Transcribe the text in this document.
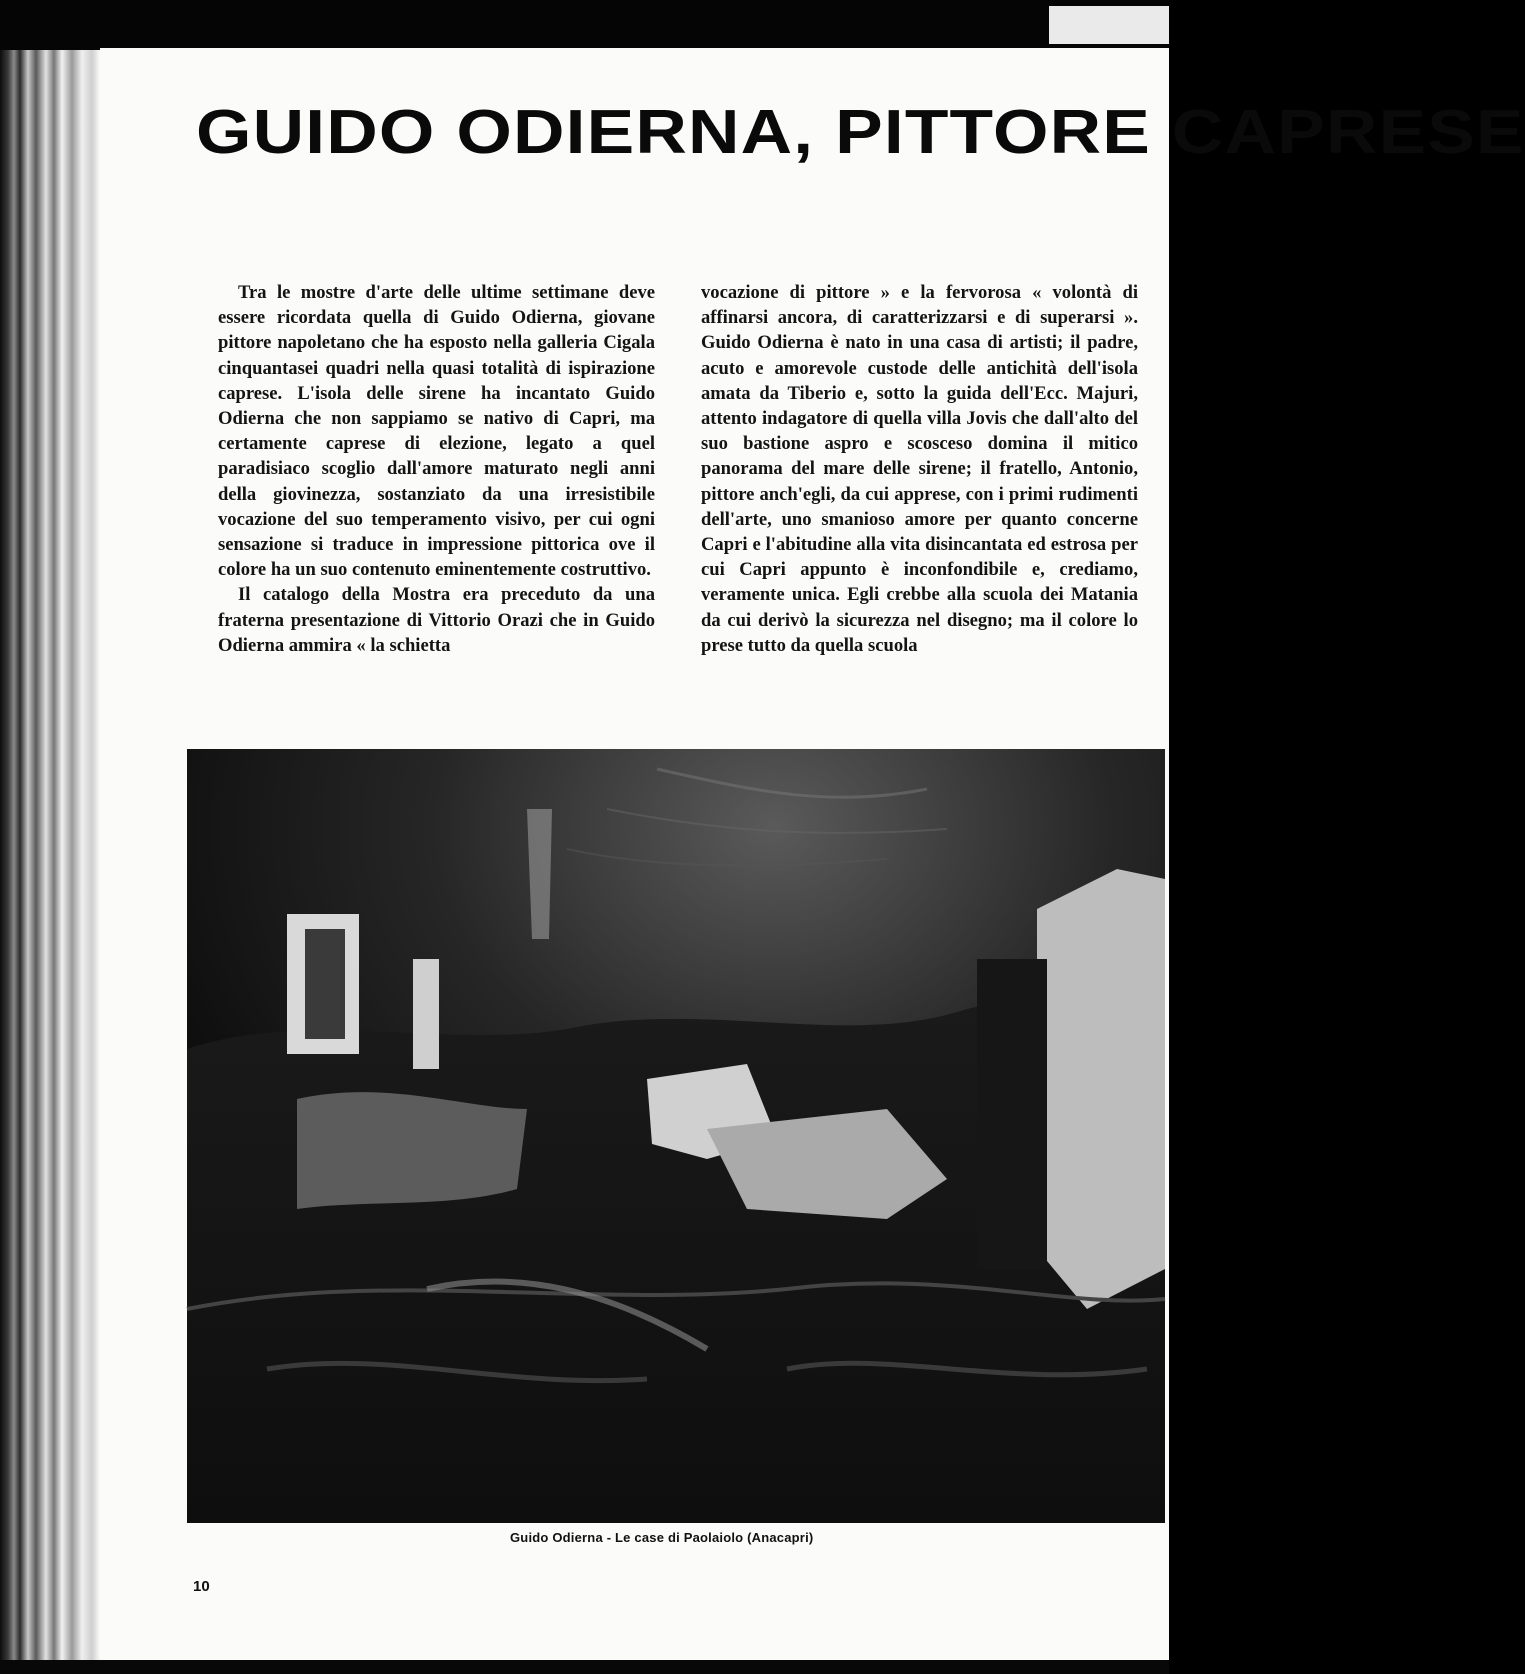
GUIDO ODIERNA, PITTORE CAPRESE

Tra le mostre d'arte delle ultime settimane deve essere ricordata quella di Guido Odierna, giovane pittore napoletano che ha esposto nella galleria Cigala cinquantasei quadri nella quasi totalità di ispirazione caprese. L'isola delle sirene ha incantato Guido Odierna che non sappiamo se nativo di Capri, ma certamente caprese di elezione, legato a quel paradisiaco scoglio dall'amore maturato negli anni della giovinezza, sostanziato da una irresistibile vocazione del suo temperamento visivo, per cui ogni sensazione si traduce in impressione pittorica ove il colore ha un suo contenuto eminentemente costruttivo.

Il catalogo della Mostra era preceduto da una fraterna presentazione di Vittorio Orazi che in Guido Odierna ammira « la schietta

vocazione di pittore » e la fervorosa « volontà di affinarsi ancora, di caratterizzarsi e di superarsi ». Guido Odierna è nato in una casa di artisti; il padre, acuto e amorevole custode delle antichità dell'isola amata da Tiberio e, sotto la guida dell'Ecc. Majuri, attento indagatore di quella villa Jovis che dall'alto del suo bastione aspro e scosceso domina il mitico panorama del mare delle sirene; il fratello, Antonio, pittore anch'egli, da cui apprese, con i primi rudimenti dell'arte, uno smanioso amore per quanto concerne Capri e l'abitudine alla vita disincantata ed estrosa per cui Capri appunto è inconfondibile e, crediamo, veramente unica. Egli crebbe alla scuola dei Matania da cui derivò la sicurezza nel disegno; ma il colore lo prese tutto da quella scuola

Guido Odierna - Le case di Paolaiolo (Anacapri)

10
